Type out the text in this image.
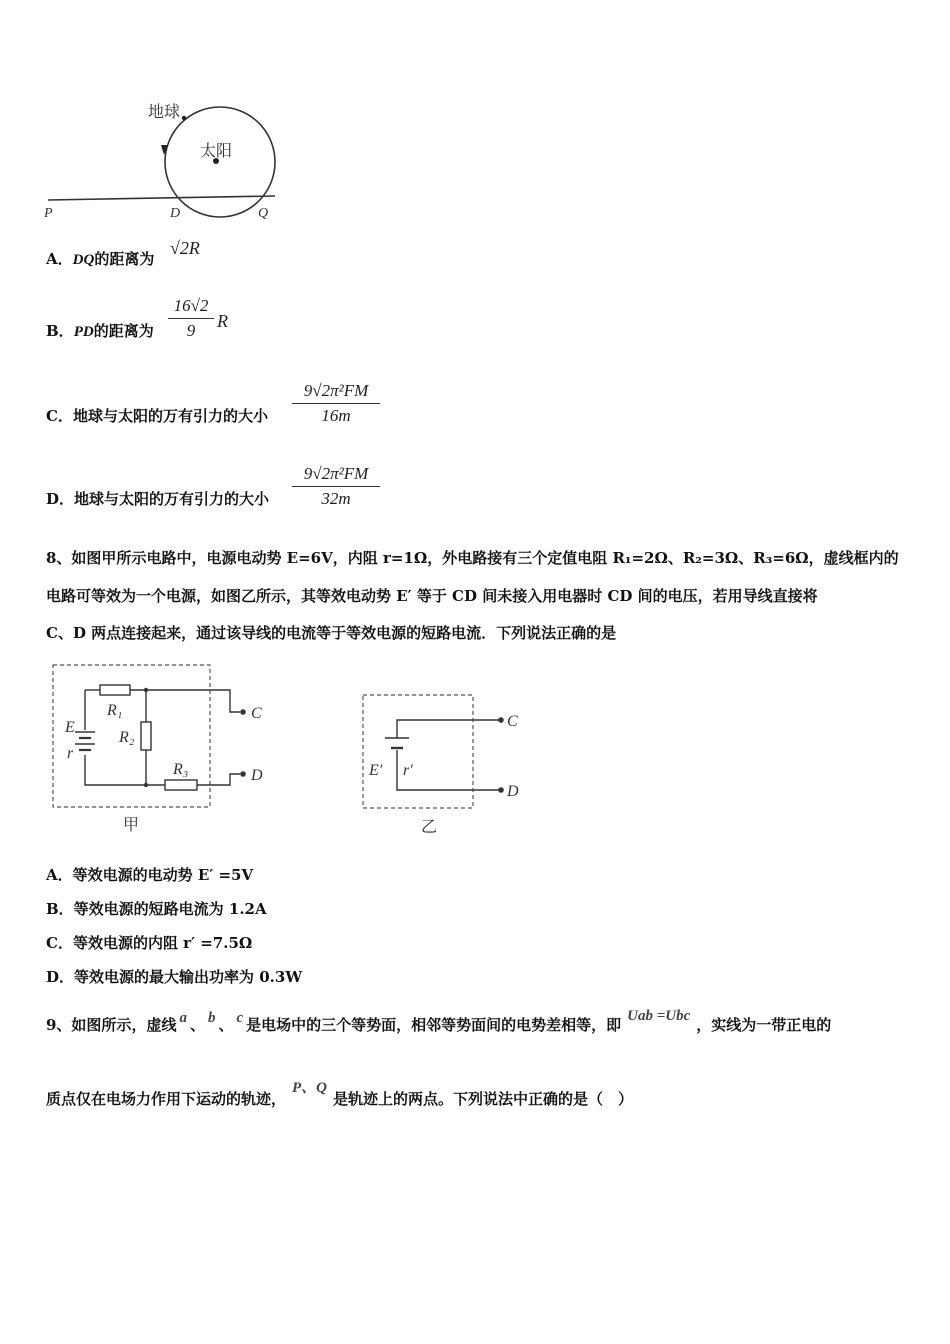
地球
太阳
P	D	Q
A．DQ的距离为
√2R
B．PD的距离为
16√2
9	R
C．地球与太阳的万有引力的大小
9√2π²FM
16m
D．地球与太阳的万有引力的大小
9√2π²FM
32m
8、如图甲所示电路中，电源电动势 E=6V，内阻 r=1Ω，外电路接有三个定值电阻 R₁=2Ω、R₂=3Ω、R₃=6Ω，虚线框内的
电路可等效为一个电源，如图乙所示，其等效电动势 E′ 等于 CD 间未接入用电器时 CD 间的电压，若用导线直接将
C、D 两点连接起来，通过该导线的电流等于等效电源的短路电流．下列说法正确的是
E
r
R₁
R₂
R₃
C
D
甲
E′ r′
C
D
乙
A．等效电源的电动势 E′ =5V
B．等效电源的短路电流为 1.2A
C．等效电源的内阻 r′ =7.5Ω
D．等效电源的最大输出功率为 0.3W
9、如图所示，虚线 a 、 b 、 c 是电场中的三个等势面，相邻等势面间的电势差相等，即 Uab =Ubc ，实线为一带正电的
质点仅在电场力作用下运动的轨迹，P、Q是轨迹上的两点。下列说法中正确的是（　）
